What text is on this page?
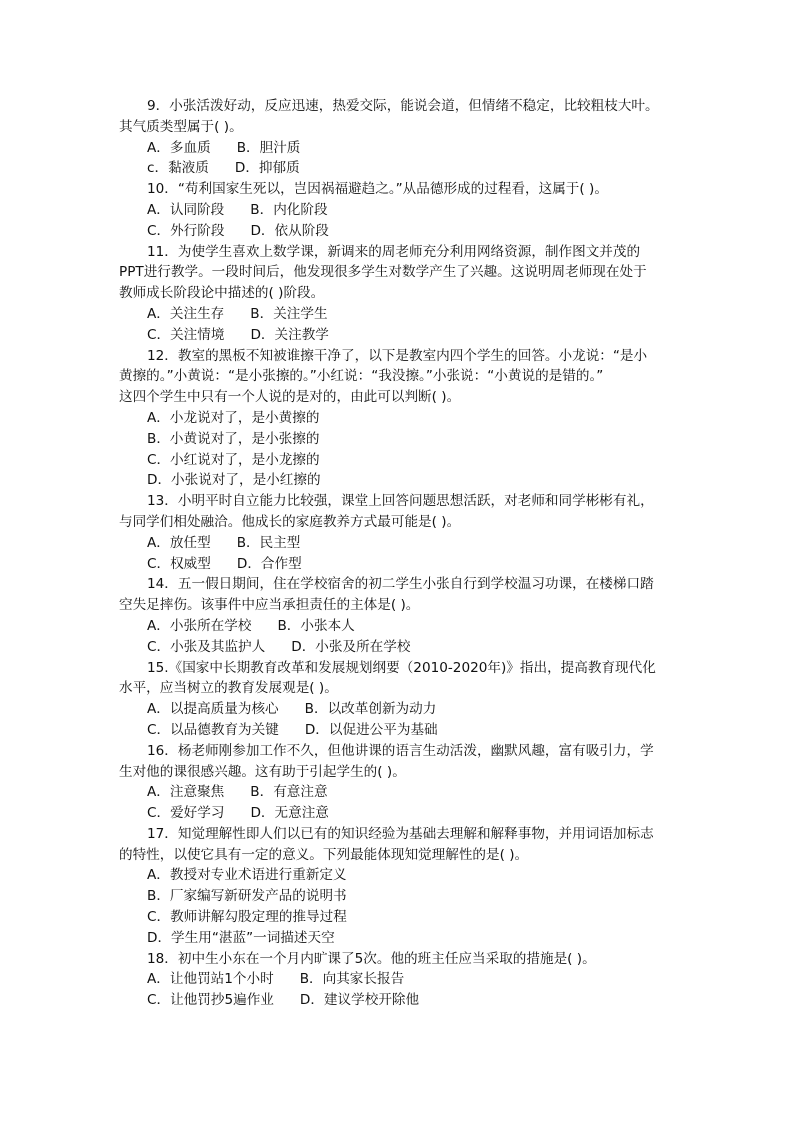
9．小张活泼好动，反应迅速，热爱交际，能说会道，但情绪不稳定，比较粗枝大叶。
其气质类型属于( )。
A．多血质 B．胆汁质
c．黏液质 D．抑郁质
10．“苟利国家生死以，岂因祸福避趋之。”从品德形成的过程看，这属于( )。
A．认同阶段 B．内化阶段
C．外行阶段 D．依从阶段
11．为使学生喜欢上数学课，新调来的周老师充分利用网络资源，制作图文并茂的
PPT进行教学。一段时间后，他发现很多学生对数学产生了兴趣。这说明周老师现在处于
教师成长阶段论中描述的( )阶段。
A．关注生存 B．关注学生
C．关注情境 D．关注教学
12．教室的黑板不知被谁擦干净了，以下是教室内四个学生的回答。小龙说：“是小
黄擦的。”小黄说：“是小张擦的。”小红说：“我没擦。”小张说：“小黄说的是错的。”
这四个学生中只有一个人说的是对的，由此可以判断( )。
A．小龙说对了，是小黄擦的
B．小黄说对了，是小张擦的
C．小红说对了，是小龙擦的
D．小张说对了，是小红擦的
13．小明平时自立能力比较强，课堂上回答问题思想活跃，对老师和同学彬彬有礼，
与同学们相处融洽。他成长的家庭教养方式最可能是( )。
A．放任型 B．民主型
C．权威型 D．合作型
14．五一假日期间，住在学校宿舍的初二学生小张自行到学校温习功课，在楼梯口踏
空失足摔伤。该事件中应当承担责任的主体是( )。
A．小张所在学校 B．小张本人
C．小张及其监护人 D．小张及所在学校
15.《国家中长期教育改革和发展规划纲要（2010-2020年)》指出，提高教育现代化
水平，应当树立的教育发展观是( )。
A．以提高质量为核心 B．以改革创新为动力
C．以品德教育为关键 D．以促进公平为基础
16．杨老师刚参加工作不久，但他讲课的语言生动活泼，幽默风趣，富有吸引力，学
生对他的课很感兴趣。这有助于引起学生的( )。
A．注意聚焦 B．有意注意
C．爱好学习 D．无意注意
17．知觉理解性即人们以已有的知识经验为基础去理解和解释事物，并用词语加标志
的特性，以使它具有一定的意义。下列最能体现知觉理解性的是( )。
A．教授对专业术语进行重新定义
B．厂家编写新研发产品的说明书
C．教师讲解勾股定理的推导过程
D．学生用“湛蓝”一词描述天空
18．初中生小东在一个月内旷课了5次。他的班主任应当采取的措施是( )。
A．让他罚站1个小时 B．向其家长报告
C．让他罚抄5遍作业 D．建议学校开除他
